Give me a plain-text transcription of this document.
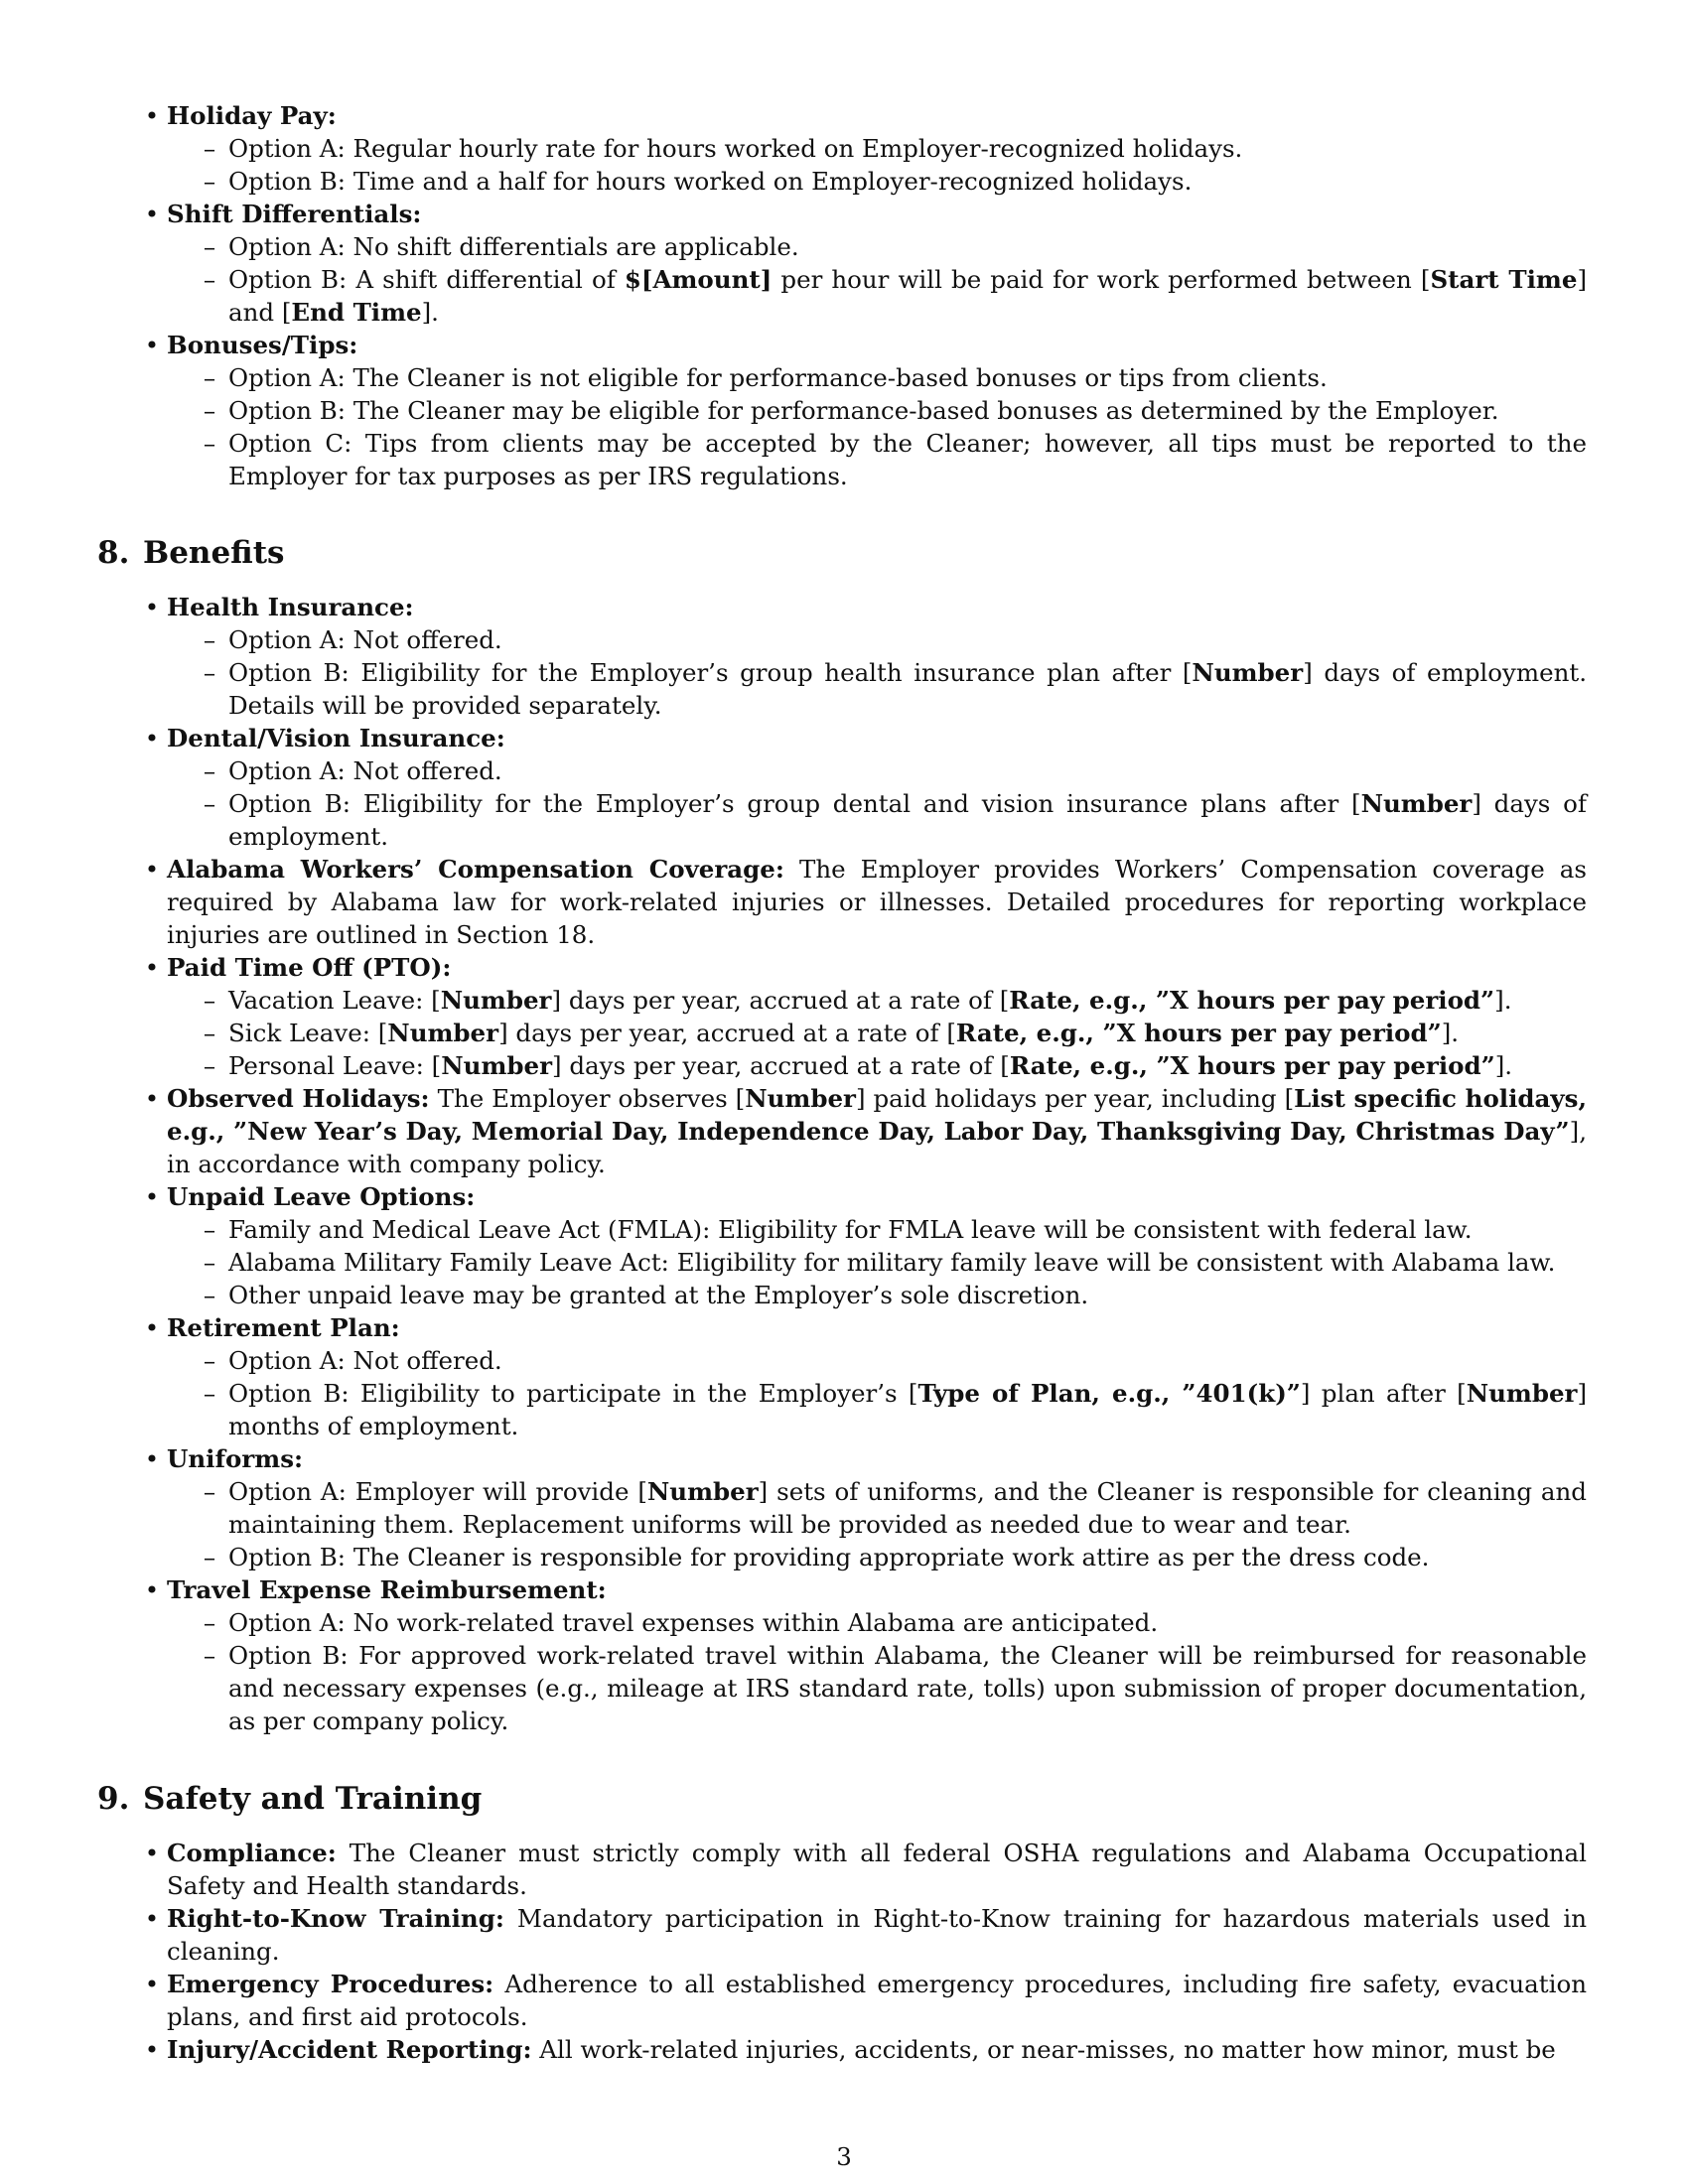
• Holiday Pay:
– Option A: Regular hourly rate for hours worked on Employer-recognized holidays.
– Option B: Time and a half for hours worked on Employer-recognized holidays.
• Shift Differentials:
– Option A: No shift differentials are applicable.
– Option B: A shift differential of $[Amount] per hour will be paid for work performed between [Start Time] and [End Time].
• Bonuses/Tips:
– Option A: The Cleaner is not eligible for performance-based bonuses or tips from clients.
– Option B: The Cleaner may be eligible for performance-based bonuses as determined by the Employer.
– Option C: Tips from clients may be accepted by the Cleaner; however, all tips must be reported to the Employer for tax purposes as per IRS regulations.
8. Benefits
• Health Insurance:
– Option A: Not offered.
– Option B: Eligibility for the Employer’s group health insurance plan after [Number] days of employment. Details will be provided separately.
• Dental/Vision Insurance:
– Option A: Not offered.
– Option B: Eligibility for the Employer’s group dental and vision insurance plans after [Number] days of employment.
• Alabama Workers’ Compensation Coverage: The Employer provides Workers’ Compensation coverage as required by Alabama law for work-related injuries or illnesses. Detailed procedures for reporting workplace injuries are outlined in Section 18.
• Paid Time Off (PTO):
– Vacation Leave: [Number] days per year, accrued at a rate of [Rate, e.g., ”X hours per pay period”].
– Sick Leave: [Number] days per year, accrued at a rate of [Rate, e.g., ”X hours per pay period”].
– Personal Leave: [Number] days per year, accrued at a rate of [Rate, e.g., ”X hours per pay period”].
• Observed Holidays: The Employer observes [Number] paid holidays per year, including [List specific holidays, e.g., ”New Year’s Day, Memorial Day, Independence Day, Labor Day, Thanksgiving Day, Christmas Day”], in accordance with company policy.
• Unpaid Leave Options:
– Family and Medical Leave Act (FMLA): Eligibility for FMLA leave will be consistent with federal law.
– Alabama Military Family Leave Act: Eligibility for military family leave will be consistent with Alabama law.
– Other unpaid leave may be granted at the Employer’s sole discretion.
• Retirement Plan:
– Option A: Not offered.
– Option B: Eligibility to participate in the Employer’s [Type of Plan, e.g., ”401(k)”] plan after [Number] months of employment.
• Uniforms:
– Option A: Employer will provide [Number] sets of uniforms, and the Cleaner is responsible for cleaning and maintaining them. Replacement uniforms will be provided as needed due to wear and tear.
– Option B: The Cleaner is responsible for providing appropriate work attire as per the dress code.
• Travel Expense Reimbursement:
– Option A: No work-related travel expenses within Alabama are anticipated.
– Option B: For approved work-related travel within Alabama, the Cleaner will be reimbursed for reasonable and necessary expenses (e.g., mileage at IRS standard rate, tolls) upon submission of proper documentation, as per company policy.
9. Safety and Training
• Compliance: The Cleaner must strictly comply with all federal OSHA regulations and Alabama Occupational Safety and Health standards.
• Right-to-Know Training: Mandatory participation in Right-to-Know training for hazardous materials used in cleaning.
• Emergency Procedures: Adherence to all established emergency procedures, including fire safety, evacuation plans, and first aid protocols.
• Injury/Accident Reporting: All work-related injuries, accidents, or near-misses, no matter how minor, must be
3
